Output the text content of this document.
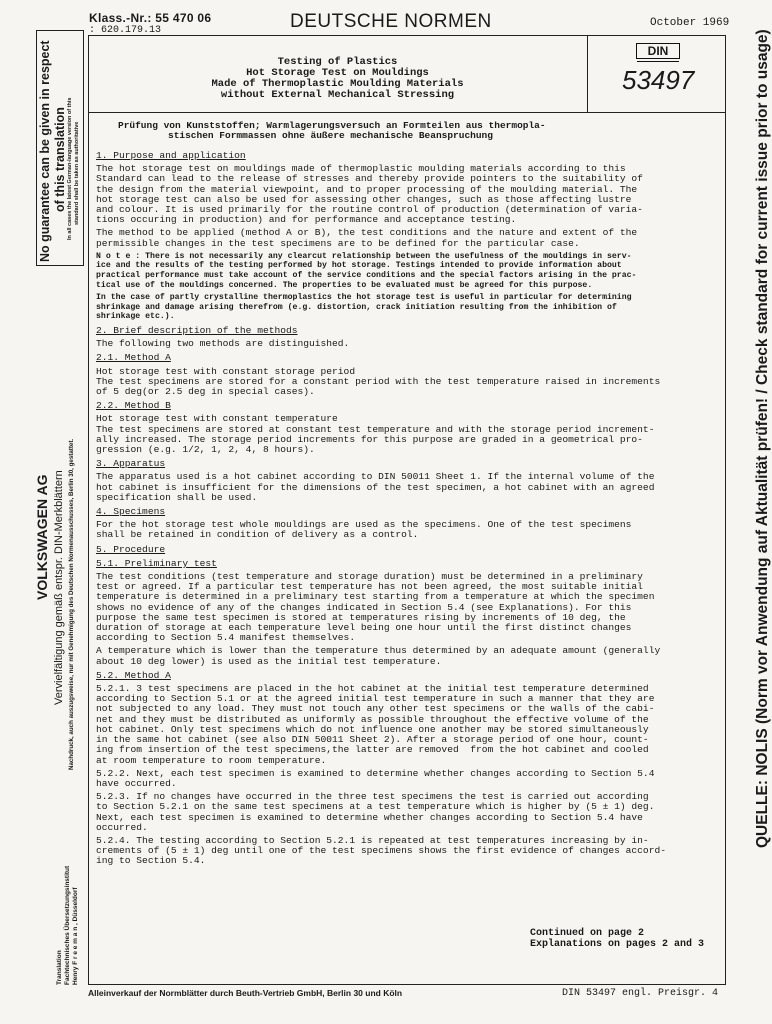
Klass.-Nr.: 55 470 06
: 620.179.13	DEUTSCHE NORMEN	October 1969
Testing of Plastics
Hot Storage Test on Mouldings
Made of Thermoplastic Moulding Materials
without External Mechanical Stressing
DIN
53497
Prüfung von Kunststoffen; Warmlagerungsversuch an Formteilen aus thermopla-
stischen Formmassen ohne äußere mechanische Beanspruchung

1. Purpose and application

The hot storage test on mouldings made of thermoplastic moulding materials according to this
Standard can lead to the release of stresses and thereby provide pointers to the suitability of
the design from the material viewpoint, and to proper processing of the moulding material. The
hot storage test can also be used for assessing other changes, such as those affecting lustre
and colour. It is used primarily for the routine control of production (determination of varia-
tions occuring in production) and for performance and acceptance testing.

The method to be applied (method A or B), the test conditions and the nature and extent of the
permissible changes in the test specimens are to be defined for the particular case.

N o t e : There is not necessarily any clearcut relationship between the usefulness of the mouldings in serv-
ice and the results of the testing performed by hot storage. Testings intended to provide information about
practical performance must take account of the service conditions and the special factors arising in the prac-
tical use of the mouldings concerned. The properties to be evaluated must be agreed for this purpose.

In the case of partly crystalline thermoplastics the hot storage test is useful in particular for determining
shrinkage and damage arising therefrom (e.g. distortion, crack initiation resulting from the inhibition of
shrinkage etc.).

2. Brief description of the methods

The following two methods are distinguished.

2.1. Method A

Hot storage test with constant storage period
The test specimens are stored for a constant period with the test temperature raised in increments
of 5 deg(or 2.5 deg in special cases).

2.2. Method B

Hot storage test with constant temperature
The test specimens are stored at constant test temperature and with the storage period increment-
ally increased. The storage period increments for this purpose are graded in a geometrical pro-
gression (e.g. 1/2, 1, 2, 4, 8 hours).

3. Apparatus

The apparatus used is a hot cabinet according to DIN 50011 Sheet 1. If the internal volume of the
hot cabinet is insufficient for the dimensions of the test specimen, a hot cabinet with an agreed
specification shall be used.

4. Specimens

For the hot storage test whole mouldings are used as the specimens. One of the test specimens
shall be retained in condition of delivery as a control.

5. Procedure

5.1. Preliminary test

The test conditions (test temperature and storage duration) must be determined in a preliminary
test or agreed. If a particular test temperature has not been agreed, the most suitable initial
temperature is determined in a preliminary test starting from a temperature at which the specimen
shows no evidence of any of the changes indicated in Section 5.4 (see Explanations). For this
purpose the same test specimen is stored at temperatures rising by increments of 10 deg, the
duration of storage at each temperature level being one hour until the first distinct changes
according to Section 5.4 manifest themselves.

A temperature which is lower than the temperature thus determined by an adequate amount (generally
about 10 deg lower) is used as the initial test temperature.

5.2. Method A

5.2.1. 3 test specimens are placed in the hot cabinet at the initial test temperature determined
according to Section 5.1 or at the agreed initial test temperature in such a manner that they are
not subjected to any load. They must not touch any other test specimens or the walls of the cabi-
net and they must be distributed as uniformly as possible throughout the effective volume of the
hot cabinet. Only test specimens which do not influence one another may be stored simultaneously
in the same hot cabinet (see also DIN 50011 Sheet 2). After a storage period of one hour, count-
ing from insertion of the test specimens,the latter are removed  from the hot cabinet and cooled
at room temperature to room temperature.

5.2.2. Next, each test specimen is examined to determine whether changes according to Section 5.4
have occurred.

5.2.3. If no changes have occurred in the three test specimens the test is carried out according
to Section 5.2.1 on the same test specimens at a test temperature which is higher by (5 ± 1) deg.
Next, each test specimen is examined to determine whether changes according to Section 5.4 have
occurred.

5.2.4. The testing according to Section 5.2.1 is repeated at test temperatures increasing by in-
crements of (5 ± 1) deg until one of the test specimens shows the first evidence of changes accord-
ing to Section 5.4.

Continued on page 2
Explanations on pages 2 and 3
Alleinverkauf der Normblätter durch Beuth-Vertrieb GmbH, Berlin 30 und Köln	DIN 53497 engl. Preisgr. 4
No guarantee can be given in respect of this translation In all cases the latest German-language version of this standard shall be taken as authoritative
VOLKSWAGEN AG Vervielfältigung gemäß entspr. DIN-Merkblättern Nachdruck, auch auszugsweise, nur mit Genehmigung des Deutschen Normenausschusses, Berlin 30, gestattet.
Translation Fachtechnisches Übersetzungsinstitut Henry F r e e m a n , Düsseldorf
QUELLE: NOLIS (Norm vor Anwendung auf Aktualität prüfen! / Check standard for current issue prior to usage)
